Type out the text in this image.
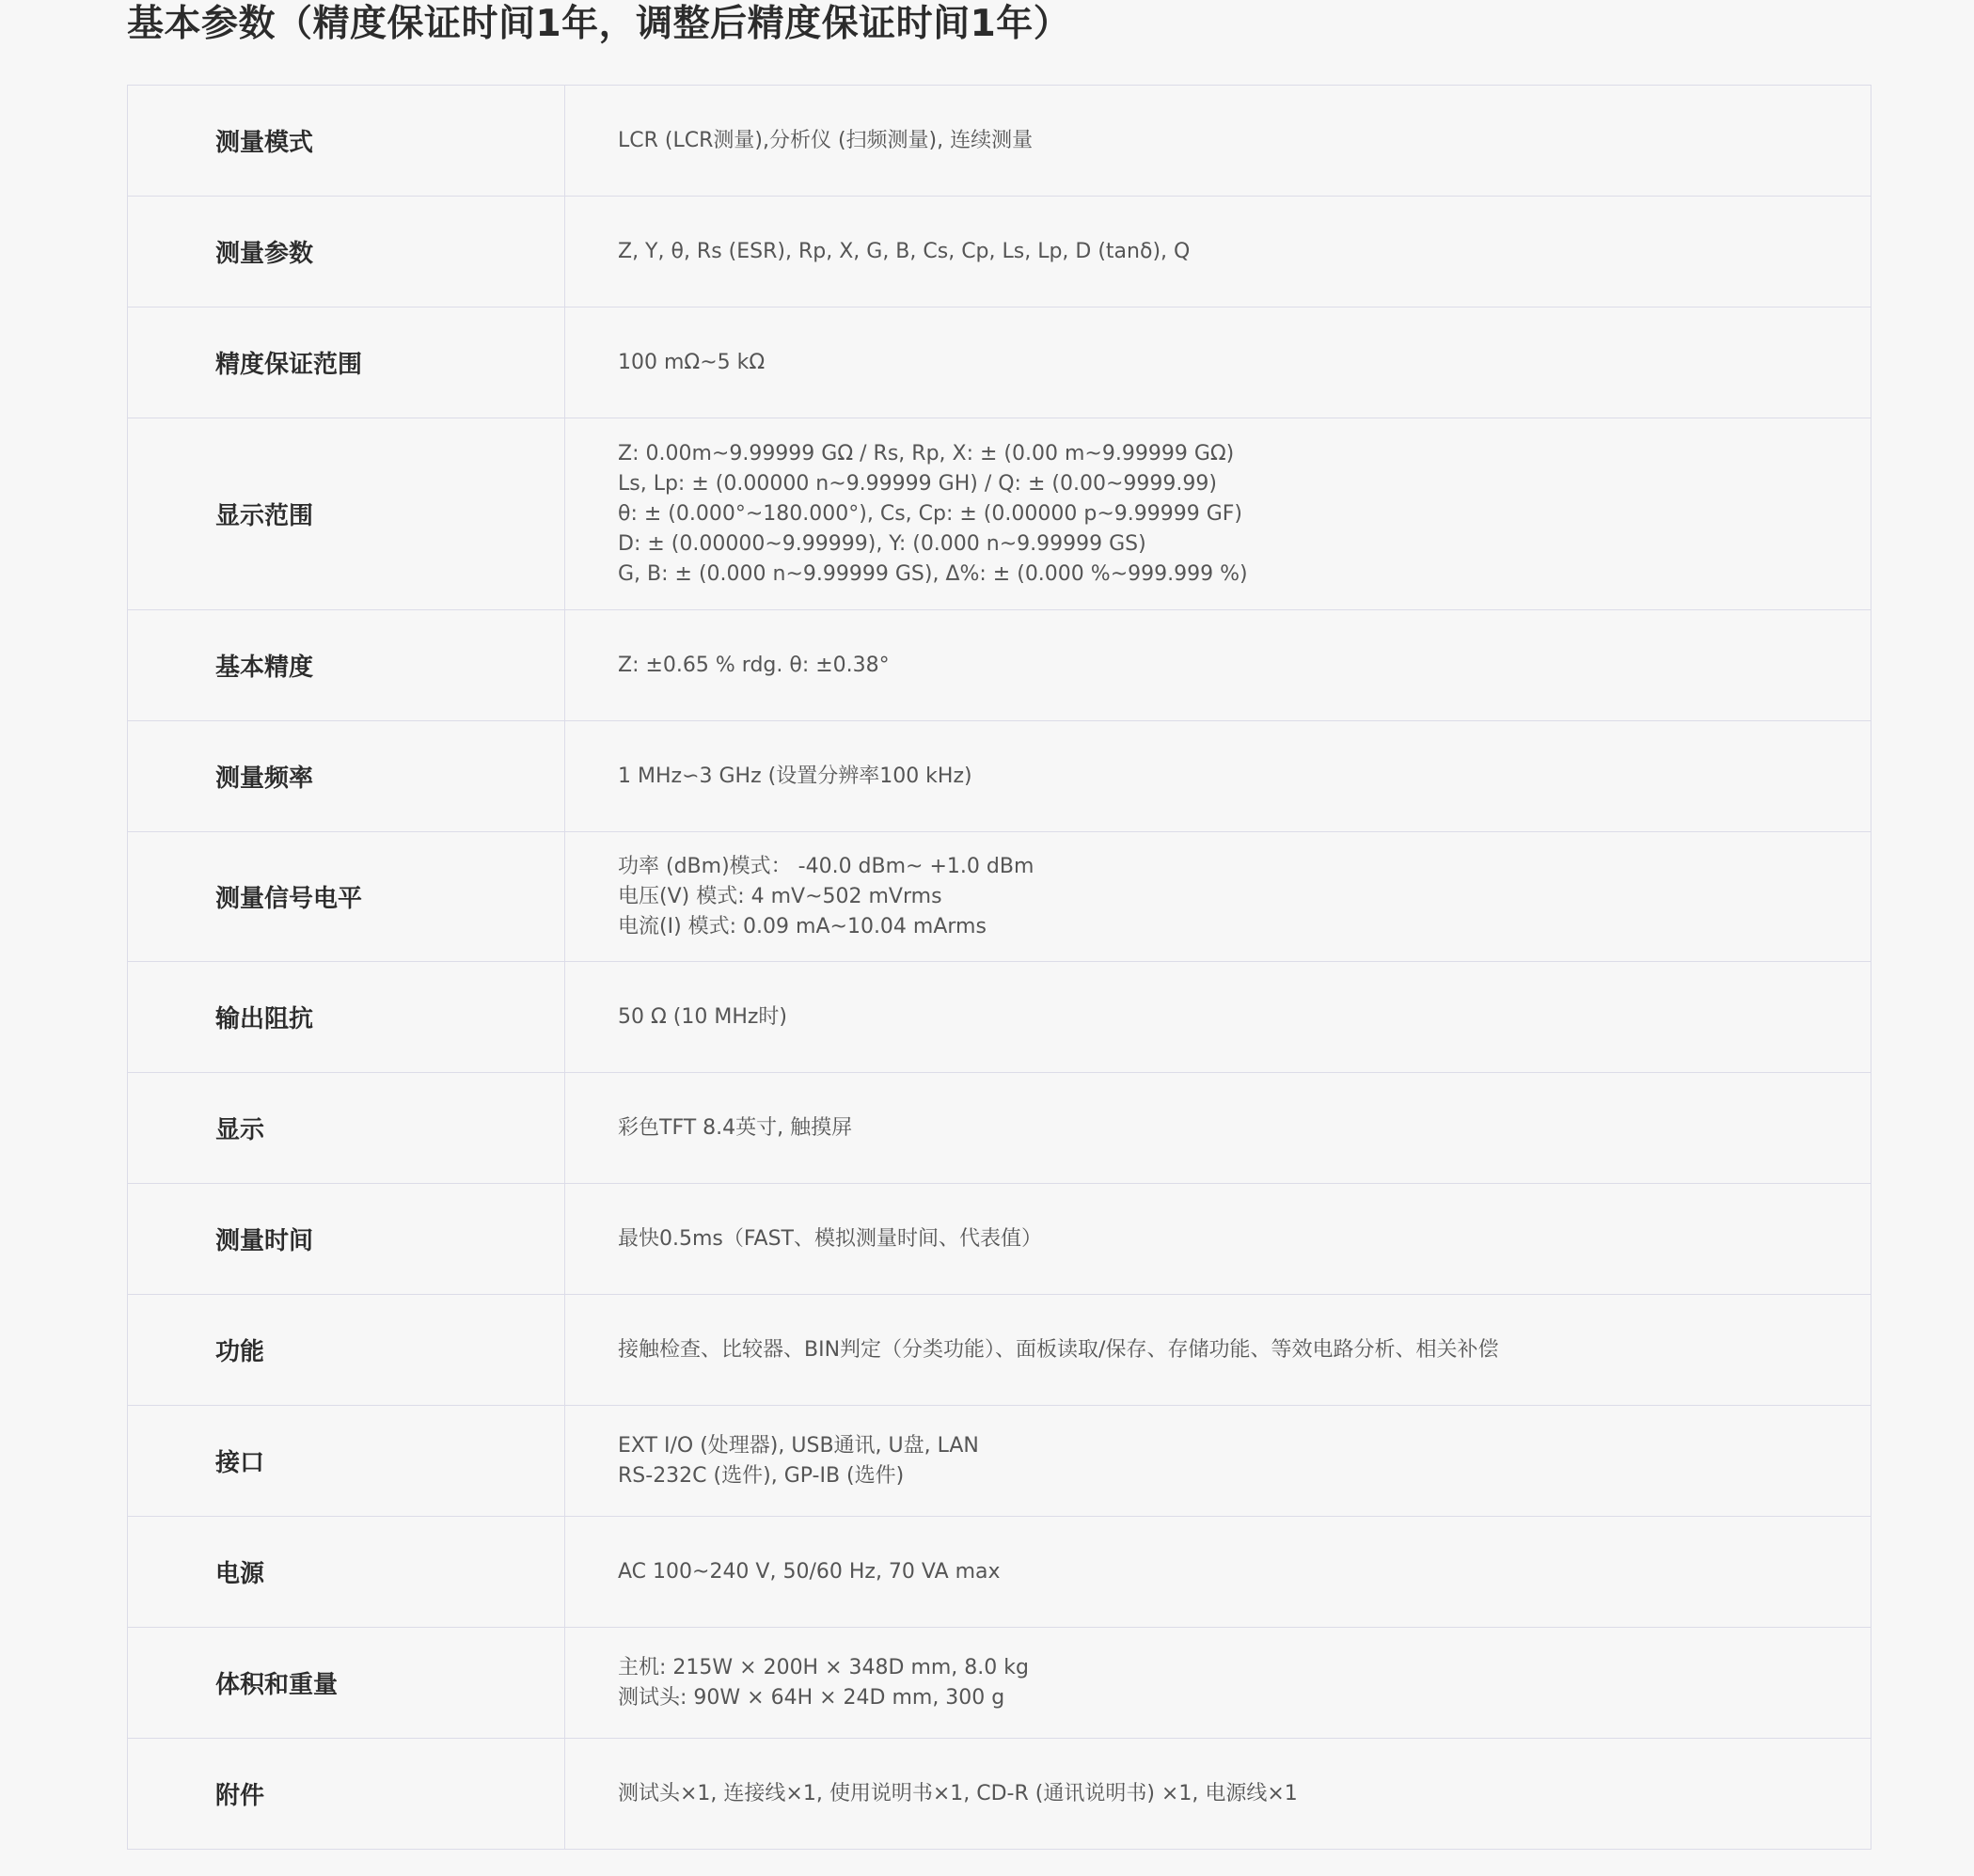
基本参数（精度保证时间1年，调整后精度保证时间1年）
测量模式	LCR (LCR测量),分析仪 (扫频测量), 连续测量

测量参数	Z, Y, θ, Rs (ESR), Rp, X, G, B, Cs, Cp, Ls, Lp, D (tanδ), Q

精度保证范围	100 mΩ~5 kΩ

显示范围	Z: 0.00m~9.99999 GΩ / Rs, Rp, X: ± (0.00 m~9.99999 GΩ)
Ls, Lp: ± (0.00000 n~9.99999 GH) / Q: ± (0.00~9999.99)
θ: ± (0.000°~180.000°), Cs, Cp: ± (0.00000 p~9.99999 GF)
D: ± (0.00000~9.99999), Y: (0.000 n~9.99999 GS)
G, B: ± (0.000 n~9.99999 GS), Δ%: ± (0.000 %~999.999 %)

基本精度	Z: ±0.65 % rdg. θ: ±0.38°

测量频率	1 MHz∽3 GHz (设置分辨率100 kHz)

测量信号电平	功率 (dBm)模式： -40.0 dBm~ +1.0 dBm
电压(V) 模式: 4 mV~502 mVrms
电流(I) 模式: 0.09 mA~10.04 mArms

输出阻抗	50 Ω (10 MHz时)

显示	彩色TFT 8.4英寸, 触摸屏

测量时间	最快0.5ms（FAST、模拟测量时间、代表值）

功能	接触检查、比较器、BIN判定（分类功能）、面板读取/保存、存储功能、等效电路分析、相关补偿

接口	EXT I/O (处理器), USB通讯, U盘, LAN
RS-232C (选件), GP-IB (选件)

电源	AC 100~240 V, 50/60 Hz, 70 VA max

体积和重量	主机: 215W × 200H × 348D mm, 8.0 kg
测试头: 90W × 64H × 24D mm, 300 g

附件	测试头×1, 连接线×1, 使用说明书×1, CD-R (通讯说明书) ×1, 电源线×1
